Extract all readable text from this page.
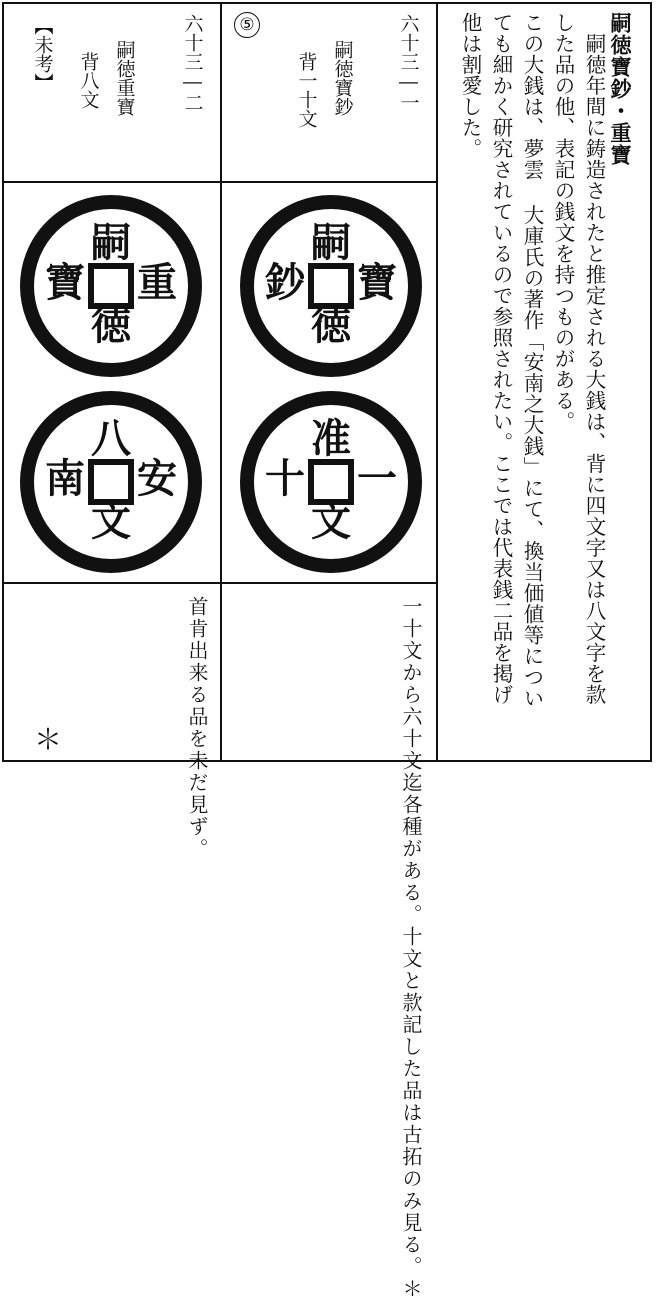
嗣徳寶鈔・重寶
　嗣徳年間に鋳造されたと推定される大銭は、背に四文字又は八文字を款
した品の他、表記の銭文を持つものがある。
この大銭は、夢雲 大庫氏の著作「安南之大銭」にて、換当価値等につい
ても細かく研究されているので参照されたい。ここでは代表銭二品を掲げ
他は割愛した。
六十三―一
⑤
嗣徳寶鈔
背一十文
六十三―二
嗣徳重寶
背八文
【未考】
嗣
徳
寶
鈔
准
文
一
十
嗣
徳
重
寶
八
文
安
南
一十文から六十文迄各種がある。十文と款記した品は古拓のみ見る。＊
首肯出来る品を未だ見ず。
＊
